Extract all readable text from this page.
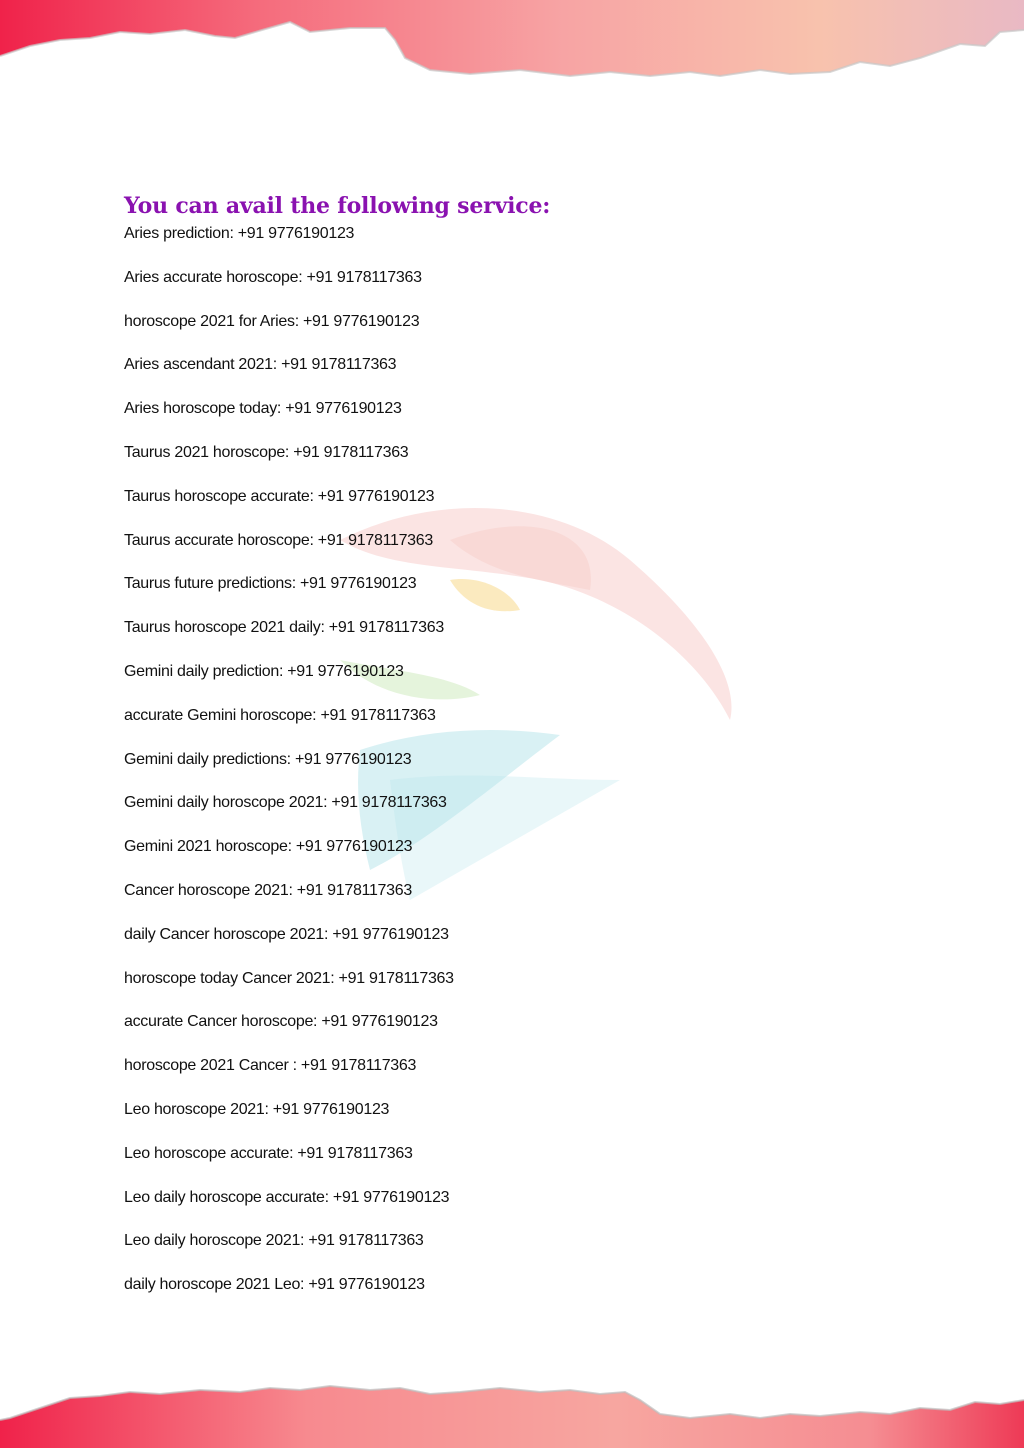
You can avail the following service:
Aries prediction: +91 9776190123
Aries accurate horoscope: +91 9178117363
horoscope 2021 for Aries: +91 9776190123
Aries ascendant 2021: +91 9178117363
Aries horoscope today: +91 9776190123
Taurus 2021 horoscope: +91 9178117363
Taurus horoscope accurate: +91 9776190123
Taurus accurate horoscope: +91 9178117363
Taurus future predictions: +91 9776190123
Taurus horoscope 2021 daily: +91 9178117363
Gemini daily prediction: +91 9776190123
accurate Gemini horoscope: +91 9178117363
Gemini daily predictions: +91 9776190123
Gemini daily horoscope 2021: +91 9178117363
Gemini 2021 horoscope: +91 9776190123
Cancer horoscope 2021: +91 9178117363
daily Cancer horoscope 2021: +91 9776190123
horoscope today Cancer 2021: +91 9178117363
accurate Cancer horoscope: +91 9776190123
horoscope 2021 Cancer : +91 9178117363
Leo horoscope 2021: +91 9776190123
Leo horoscope accurate: +91 9178117363
Leo daily horoscope accurate: +91 9776190123
Leo daily horoscope 2021: +91 9178117363
daily horoscope 2021 Leo: +91 9776190123
